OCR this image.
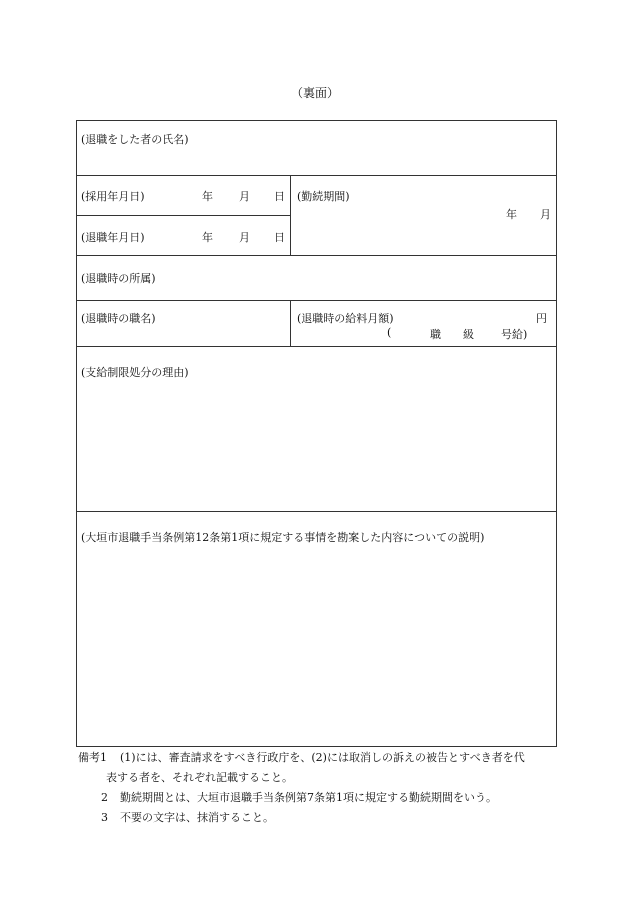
（裏面）
(退職をした者の氏名)
(採用年月日)	年 月 日
(退職年月日)	年 月 日
(勤続期間)
年 月
(退職時の所属)
(退職時の職名)	(退職時の給料月額)	円
(	職 級 号給)
(支給制限処分の理由)
(大垣市退職手当条例第12条第1項に規定する事情を勘案した内容についての説明)
備考1 (1)には、審査請求をすべき行政庁を、(2)には取消しの訴えの被告とすべき者を代
表する者を、それぞれ記載すること。
2 勤続期間とは、大垣市退職手当条例第7条第1項に規定する勤続期間をいう。
3 不要の文字は、抹消すること。
